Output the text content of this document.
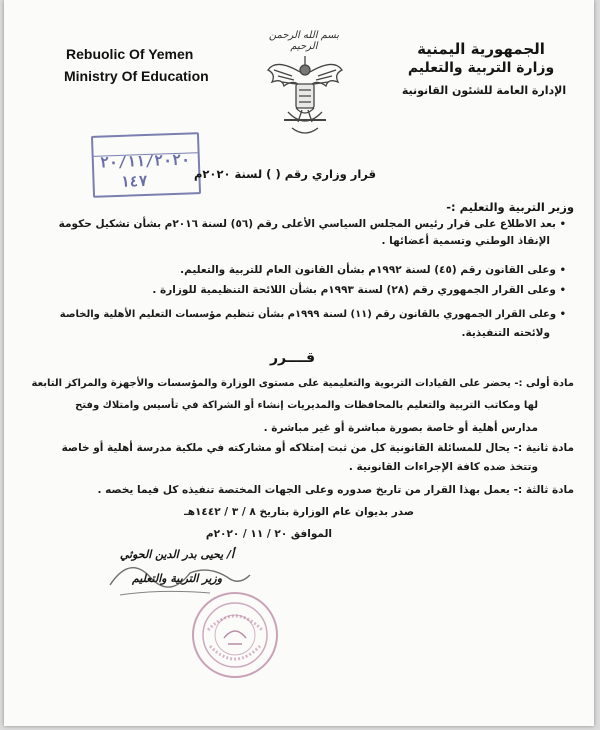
Rebuolic Of Yemen
Ministry Of Education
الجمهورية اليمنية
وزارة التربية والتعليم
الإدارة العامة للشئون القانونية
بسم الله الرحمن الرحيم
٢٠/١١/٢٠٢٠
١٤٧	قرار وزاري رقم ( ) لسنة ٢٠٢٠م
وزير التربية والتعليم :-
• بعد الاطلاع على قرار رئيس المجلس السياسي الأعلى رقم (٥٦) لسنة ٢٠١٦م بشأن تشكيل حكومة
الإنقاذ الوطني وتسمية أعضائها .
• وعلى القانون رقم (٤٥) لسنة ١٩٩٢م بشأن القانون العام للتربية والتعليم.
• وعلى القرار الجمهوري رقم (٢٨) لسنة ١٩٩٣م بشأن اللائحة التنظيمية للوزارة .
• وعلى القرار الجمهوري بالقانون رقم (١١) لسنة ١٩٩٩م بشأن تنظيم مؤسسات التعليم الأهلية والخاصة
ولائحته التنفيذية.
قــــرر
مادة أولى :- يحضر على القيادات التربوية والتعليمية على مستوى الوزارة والمؤسسات والأجهزة والمراكز التابعة
لها ومكاتب التربية والتعليم بالمحافظات والمديريات إنشاء أو الشراكة في تأسيس وامتلاك وفتح
مدارس أهلية أو خاصة بصورة مباشرة أو غير مباشرة .
مادة ثانية :- يحال للمسائلة القانونية كل من ثبت إمتلاكه أو مشاركته في ملكية مدرسة أهلية أو خاصة
وتتخذ ضده كافة الإجراءات القانونية .
مادة ثالثة :- يعمل بهذا القرار من تاريخ صدوره وعلى الجهات المختصة تنفيذه كل فيما يخصه .
صدر بديوان عام الوزارة بتاريخ ٨ / ٣ / ١٤٤٢هـ
الموافق ٢٠ / ١١ / ٢٠٢٠م
أ/ يحيى بدر الدين الحوثي
وزير التربية والتعليم
